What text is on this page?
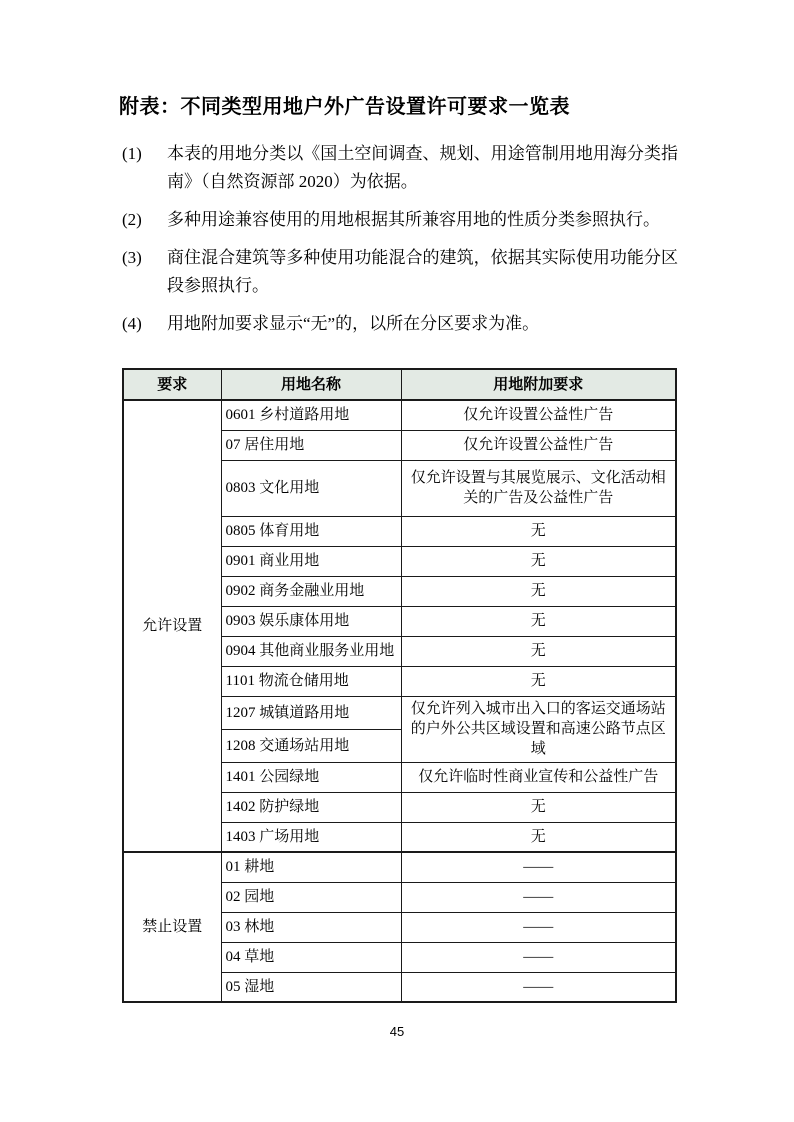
附表：不同类型用地户外广告设置许可要求一览表
(1)	本表的用地分类以《国土空间调查、规划、用途管制用地用海分类指南》（自然资源部 2020）为依据。
(2)	多种用途兼容使用的用地根据其所兼容用地的性质分类参照执行。
(3)	商住混合建筑等多种使用功能混合的建筑，依据其实际使用功能分区段参照执行。
(4)	用地附加要求显示“无”的，以所在分区要求为准。
要求	用地名称	用地附加要求
允许设置	0601 乡村道路用地	仅允许设置公益性广告
	07 居住用地	仅允许设置公益性广告
	0803 文化用地	仅允许设置与其展览展示、文化活动相关的广告及公益性广告
	0805 体育用地	无
	0901 商业用地	无
	0902 商务金融业用地	无
	0903 娱乐康体用地	无
	0904 其他商业服务业用地	无
	1101 物流仓储用地	无
	1207 城镇道路用地	仅允许列入城市出入口的客运交通场站的户外公共区域设置和高速公路节点区域
	1208 交通场站用地	
	1401 公园绿地	仅允许临时性商业宣传和公益性广告
	1402 防护绿地	无
	1403 广场用地	无
禁止设置	01 耕地	——
	02 园地	——
	03 林地	——
	04 草地	——
	05 湿地	——
45
